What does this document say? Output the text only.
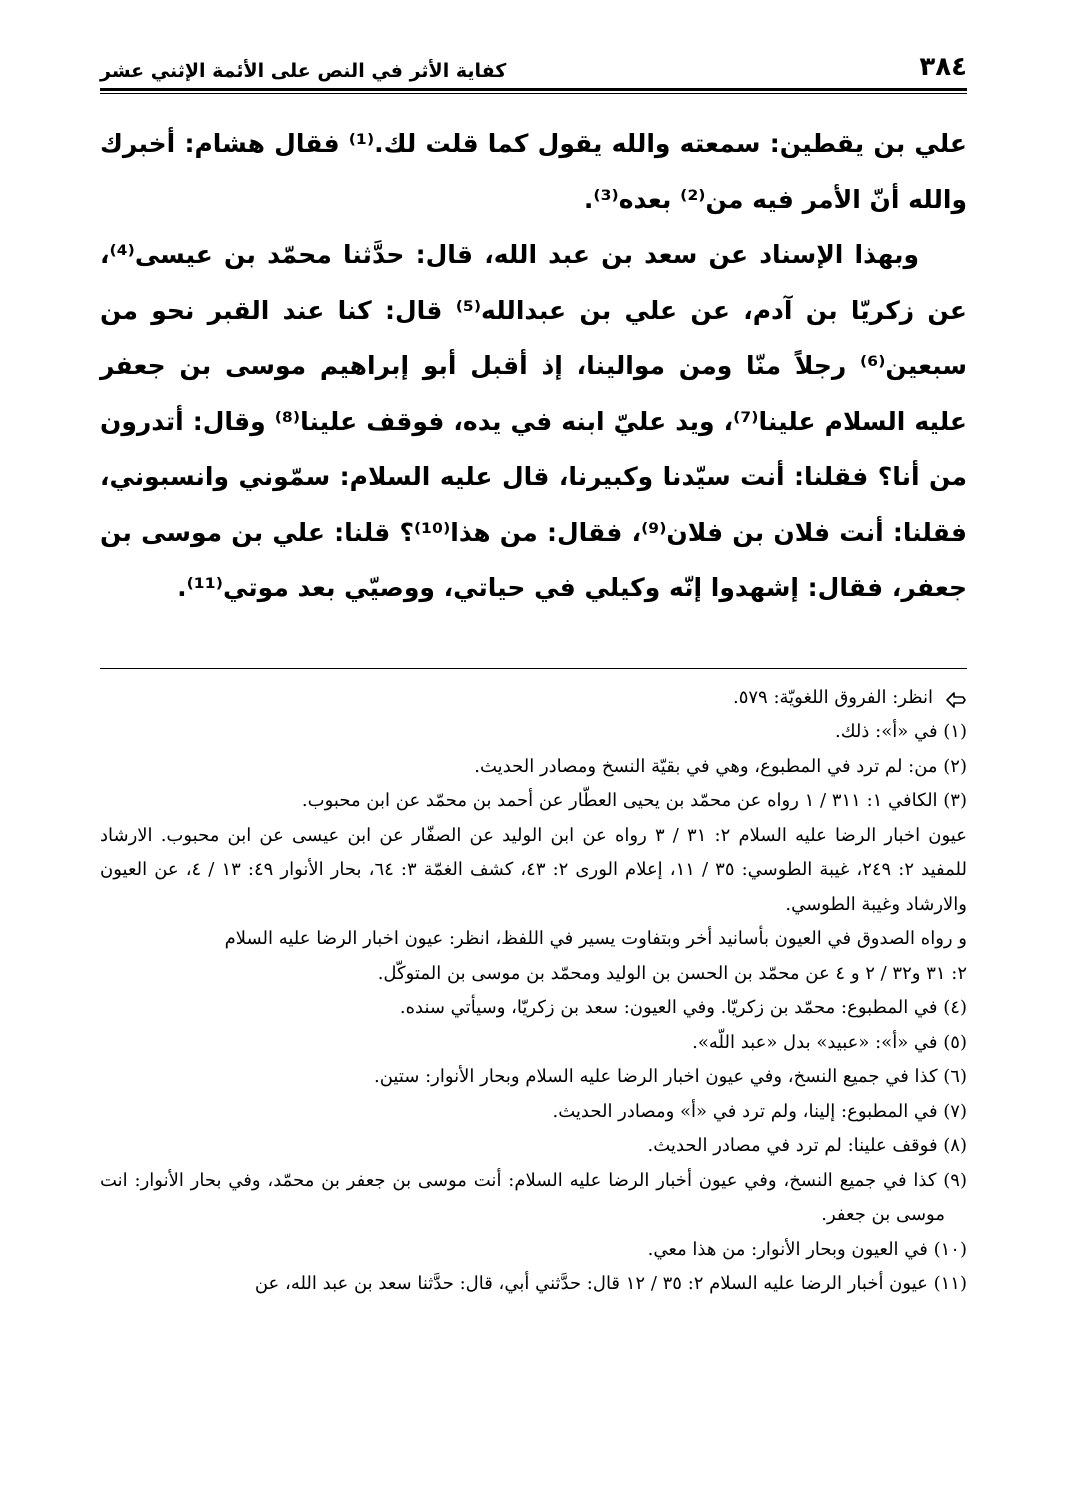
٣٨٤
كفاية الأثر في النص على الأئمة الإثني عشر

علي بن يقطين: سمعته والله يقول كما قلت لك.⁽¹⁾ فقال هشام: أخبرك والله أنّ الأمر فيه من⁽²⁾ بعده⁽³⁾.

وبهذا الإسناد عن سعد بن عبد الله، قال: حدَّثنا محمّد بن عيسى⁽⁴⁾، عن زكريّا بن آدم، عن علي بن عبدالله⁽⁵⁾ قال: كنا عند القبر نحو من سبعين⁽⁶⁾ رجلاً منّا ومن موالينا، إذ أقبل أبو إبراهيم موسى بن جعفر عليه السلام علينا⁽⁷⁾، ويد عليّ ابنه في يده، فوقف علينا⁽⁸⁾ وقال: أتدرون من أنا؟ فقلنا: أنت سيّدنا وكبيرنا، قال عليه السلام: سمّوني وانسبوني، فقلنا: أنت فلان بن فلان⁽⁹⁾، فقال: من هذا⁽¹⁰⁾؟ قلنا: علي بن موسى بن جعفر، فقال: إشهدوا إنّه وكيلي في حياتي، ووصيّي بعد موتي⁽¹¹⁾.

انظر: الفروق اللغويّة: ٥٧٩.

(١) في «أ»: ذلك.

(٢) من: لم ترد في المطبوع، وهي في بقيّة النسخ ومصادر الحديث.

(٣) الكافي ١: ٣١١ / ١ رواه عن محمّد بن يحيى العطّار عن أحمد بن محمّد عن ابن محبوب.

عيون اخبار الرضا عليه السلام ٢: ٣١ / ٣ رواه عن ابن الوليد عن الصفّار عن ابن عيسى عن ابن محبوب. الارشاد للمفيد ٢: ٢٤٩، غيبة الطوسي: ٣٥ / ١١، إعلام الورى ٢: ٤٣، كشف الغمّة ٣: ٦٤، بحار الأنوار ٤٩: ١٣ / ٤، عن العيون والارشاد وغيبة الطوسي.

و رواه الصدوق في العيون بأسانيد أخر وبتفاوت يسير في اللفظ، انظر: عيون اخبار الرضا عليه السلام

٢: ٣١ و٣٢ / ٢ و ٤ عن محمّد بن الحسن بن الوليد ومحمّد بن موسى بن المتوكّل.

(٤) في المطبوع: محمّد بن زكريّا. وفي العيون: سعد بن زكريّا، وسيأتي سنده.

(٥) في «أ»: «عبيد» بدل «عبد اللّه».

(٦) كذا في جميع النسخ، وفي عيون اخبار الرضا عليه السلام وبحار الأنوار: ستين.

(٧) في المطبوع: إلينا، ولم ترد في «أ» ومصادر الحديث.

(٨) فوقف علينا: لم ترد في مصادر الحديث.

(٩) كذا في جميع النسخ، وفي عيون أخبار الرضا عليه السلام: أنت موسى بن جعفر بن محمّد، وفي بحار الأنوار: انت موسى بن جعفر.

(١٠) في العيون وبحار الأنوار: من هذا معي.

(١١) عيون أخبار الرضا عليه السلام ٢: ٣٥ / ١٢ قال: حدَّثني أبي، قال: حدَّثنا سعد بن عبد الله، عن
